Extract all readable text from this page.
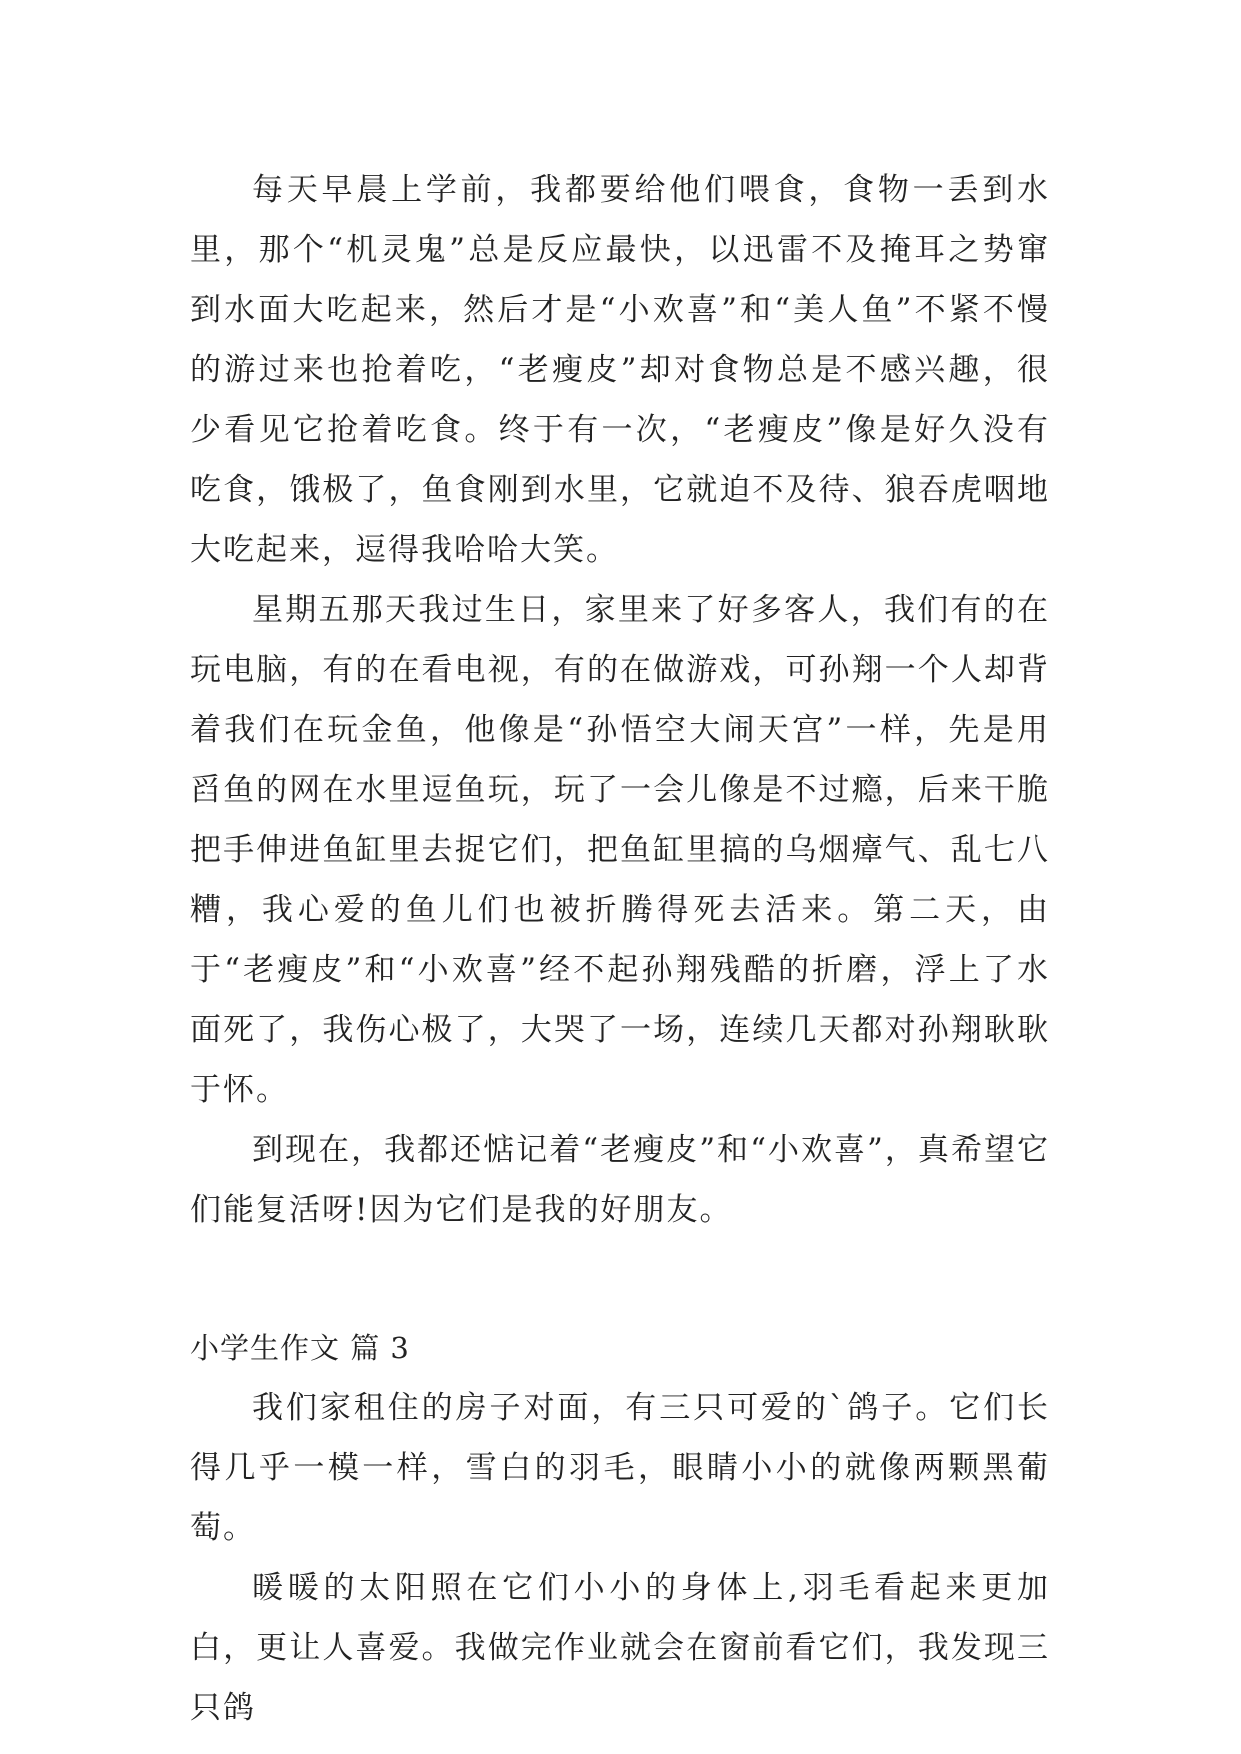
每天早晨上学前，我都要给他们喂食，食物一丢到水里，那个“机灵鬼”总是反应最快，以迅雷不及掩耳之势窜到水面大吃起来，然后才是“小欢喜”和“美人鱼”不紧不慢的游过来也抢着吃，“老瘦皮”却对食物总是不感兴趣，很少看见它抢着吃食。终于有一次，“老瘦皮”像是好久没有吃食，饿极了，鱼食刚到水里，它就迫不及待、狼吞虎咽地大吃起来，逗得我哈哈大笑。

星期五那天我过生日，家里来了好多客人，我们有的在玩电脑，有的在看电视，有的在做游戏，可孙翔一个人却背着我们在玩金鱼，他像是“孙悟空大闹天宫”一样，先是用舀鱼的网在水里逗鱼玩，玩了一会儿像是不过瘾，后来干脆把手伸进鱼缸里去捉它们，把鱼缸里搞的乌烟瘴气、乱七八糟，我心爱的鱼儿们也被折腾得死去活来。第二天，由于“老瘦皮”和“小欢喜”经不起孙翔残酷的折磨，浮上了水面死了，我伤心极了，大哭了一场，连续几天都对孙翔耿耿于怀。

到现在，我都还惦记着“老瘦皮”和“小欢喜”，真希望它们能复活呀!因为它们是我的好朋友。

小学生作文 篇 3

我们家租住的房子对面，有三只可爱的`鸽子。它们长得几乎一模一样，雪白的羽毛，眼睛小小的就像两颗黑葡萄。

暖暖的太阳照在它们小小的身体上,羽毛看起来更加白，更让人喜爱。我做完作业就会在窗前看它们，我发现三只鸽
